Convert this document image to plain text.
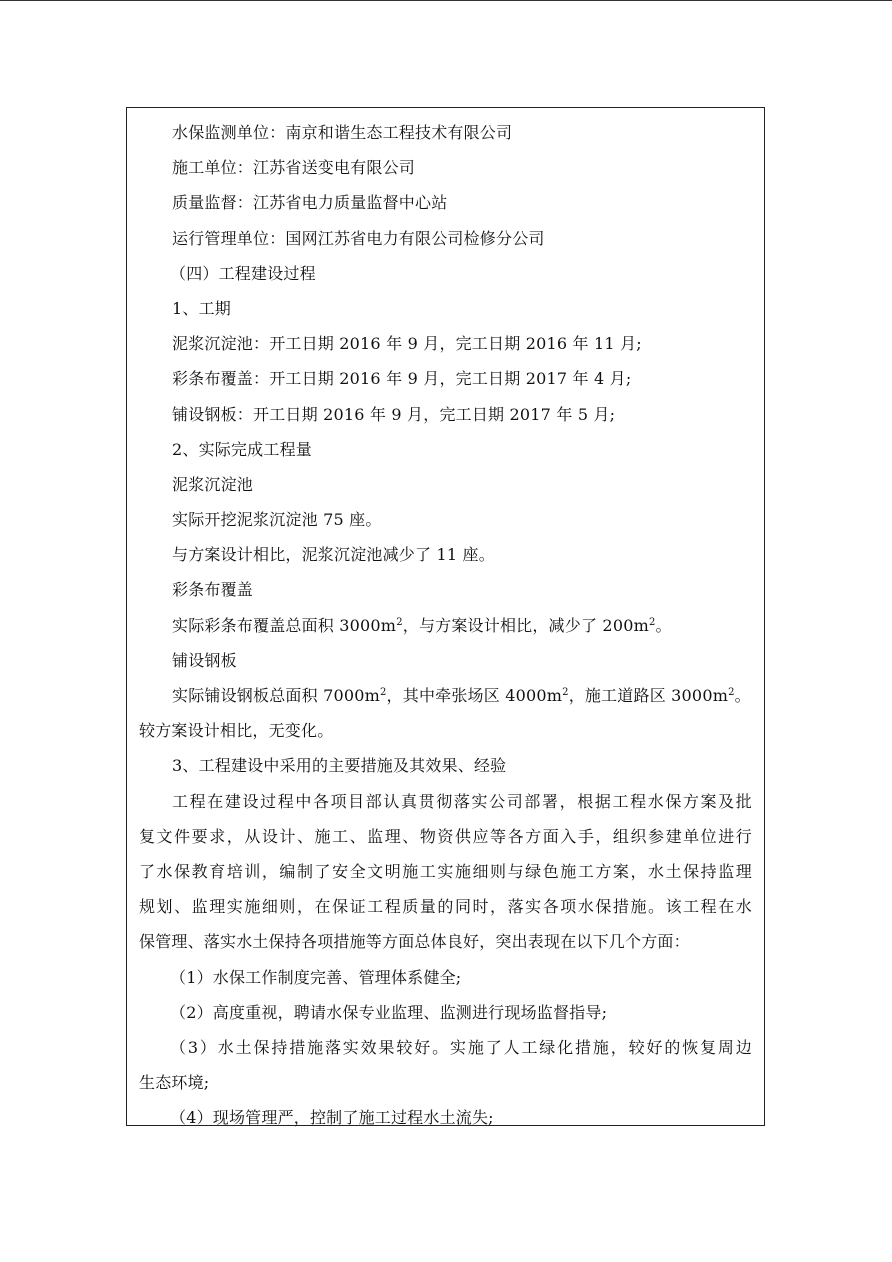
水保监测单位：南京和谐生态工程技术有限公司
施工单位：江苏省送变电有限公司
质量监督：江苏省电力质量监督中心站
运行管理单位：国网江苏省电力有限公司检修分公司
（四）工程建设过程
1、工期
泥浆沉淀池：开工日期 2016 年 9 月，完工日期 2016 年 11 月;
彩条布覆盖：开工日期 2016 年 9 月，完工日期 2017 年 4 月;
铺设钢板：开工日期 2016 年 9 月，完工日期 2017 年 5 月;
2、实际完成工程量
泥浆沉淀池
实际开挖泥浆沉淀池 75 座。
与方案设计相比，泥浆沉淀池减少了 11 座。
彩条布覆盖
实际彩条布覆盖总面积 $3000m^2$，与方案设计相比，减少了 $200m^2$。
铺设钢板
实际铺设钢板总面积 $7000m^2$，其中牵张场区 $4000m^2$，施工道路区 $3000m^2$。
较方案设计相比，无变化。
3、工程建设中采用的主要措施及其效果、经验
工程在建设过程中各项目部认真贯彻落实公司部署，根据工程水保方案及批
复文件要求，从设计、施工、监理、物资供应等各方面入手，组织参建单位进行
了水保教育培训，编制了安全文明施工实施细则与绿色施工方案，水土保持监理
规划、监理实施细则，在保证工程质量的同时，落实各项水保措施。该工程在水
保管理、落实水土保持各项措施等方面总体良好，突出表现在以下几个方面：
（1）水保工作制度完善、管理体系健全;
（2）高度重视，聘请水保专业监理、监测进行现场监督指导;
（3）水土保持措施落实效果较好。实施了人工绿化措施，较好的恢复周边
生态环境;
（4）现场管理严，控制了施工过程水土流失;
